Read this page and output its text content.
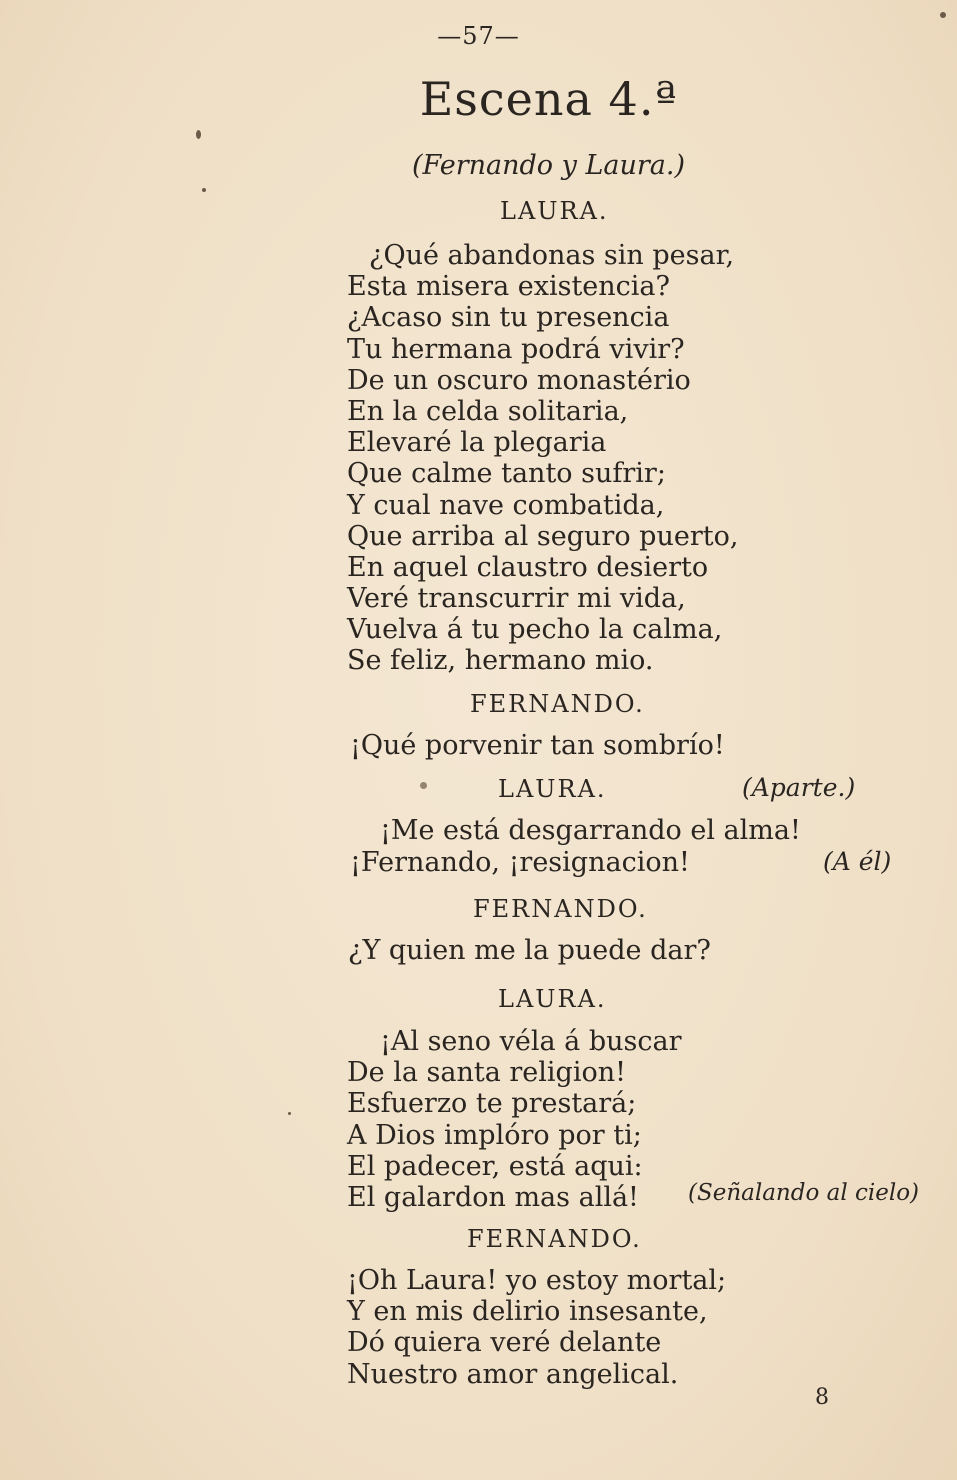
—57—
Escena 4.ª
(Fernando y Laura.)
LAURA.
¿Qué abandonas sin pesar,
Esta misera existencia?
¿Acaso sin tu presencia
Tu hermana podrá vivir?
De un oscuro monastério
En la celda solitaria,
Elevaré la plegaria
Que calme tanto sufrir;
Y cual nave combatida,
Que arriba al seguro puerto,
En aquel claustro desierto
Veré transcurrir mi vida,
Vuelva á tu pecho la calma,
Se feliz, hermano mio.
FERNANDO.
¡Qué porvenir tan sombrío!
LAURA.	(Aparte.)
¡Me está desgarrando el alma!
¡Fernando, ¡resignacion!	(A él)
FERNANDO.
¿Y quien me la puede dar?
LAURA.
¡Al seno véla á buscar
De la santa religion!
Esfuerzo te prestará;
A Dios implóro por ti;
El padecer, está aqui:
El galardon mas allá!	(Señalando al cielo)
FERNANDO.
¡Oh Laura! yo estoy mortal;
Y en mis delirio insesante,
Dó quiera veré delante
Nuestro amor angelical.
8
